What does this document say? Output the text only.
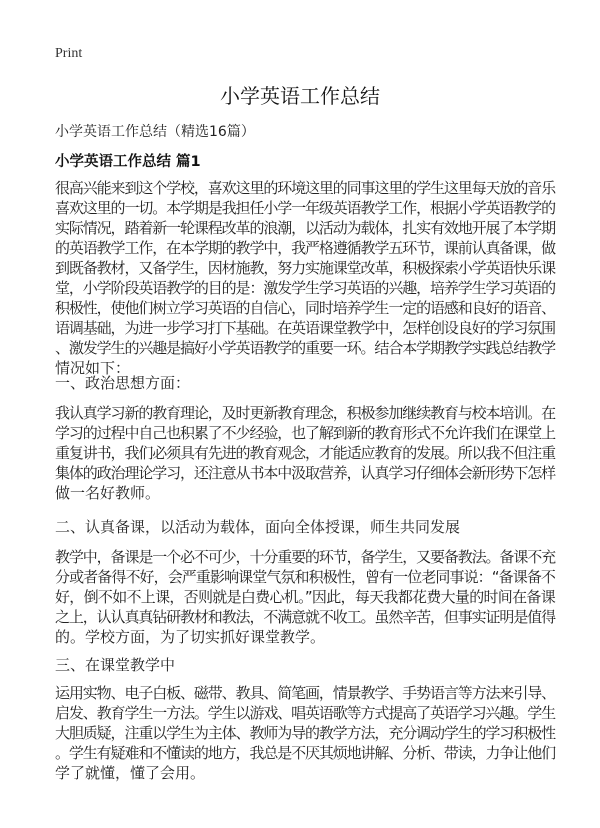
Print
小学英语工作总结
小学英语工作总结（精选16篇）
小学英语工作总结 篇1
很高兴能来到这个学校，喜欢这里的环境这里的同事这里的学生这里每天放的音乐
喜欢这里的一切。本学期是我担任小学一年级英语教学工作，根据小学英语教学的
实际情况，踏着新一轮课程改革的浪潮，以活动为载体，扎实有效地开展了本学期
的英语教学工作，在本学期的教学中，我严格遵循教学五环节，课前认真备课，做
到既备教材，又备学生，因材施教，努力实施课堂改革，积极探索小学英语快乐课
堂，小学阶段英语教学的目的是：激发学生学习英语的兴趣，培养学生学习英语的
积极性，使他们树立学习英语的自信心，同时培养学生一定的语感和良好的语音、
语调基础，为进一步学习打下基础。在英语课堂教学中，怎样创设良好的学习氛围
、激发学生的兴趣是搞好小学英语教学的重要一环。结合本学期教学实践总结教学
情况如下：
一、政治思想方面：
我认真学习新的教育理论，及时更新教育理念，积极参加继续教育与校本培训。在
学习的过程中自己也积累了不少经验，也了解到新的教育形式不允许我们在课堂上
重复讲书，我们必须具有先进的教育观念，才能适应教育的发展。所以我不但注重
集体的政治理论学习，还注意从书本中汲取营养，认真学习仔细体会新形势下怎样
做一名好教师。
二、认真备课，以活动为载体，面向全体授课，师生共同发展
教学中，备课是一个必不可少，十分重要的环节，备学生，又要备教法。备课不充
分或者备得不好，会严重影响课堂气氛和积极性，曾有一位老同事说：“备课备不
好，倒不如不上课，否则就是白费心机。”因此，每天我都花费大量的时间在备课
之上，认认真真钻研教材和教法，不满意就不收工。虽然辛苦，但事实证明是值得
的。学校方面，为了切实抓好课堂教学。
三、在课堂教学中
运用实物、电子白板、磁带、教具、简笔画，情景教学、手势语言等方法来引导、
启发、教育学生一方法。学生以游戏、唱英语歌等方式提高了英语学习兴趣。学生
大胆质疑，注重以学生为主体、教师为导的教学方法，充分调动学生的学习积极性
。学生有疑难和不懂读的地方，我总是不厌其烦地讲解、分析、带读，力争让他们
学了就懂，懂了会用。
